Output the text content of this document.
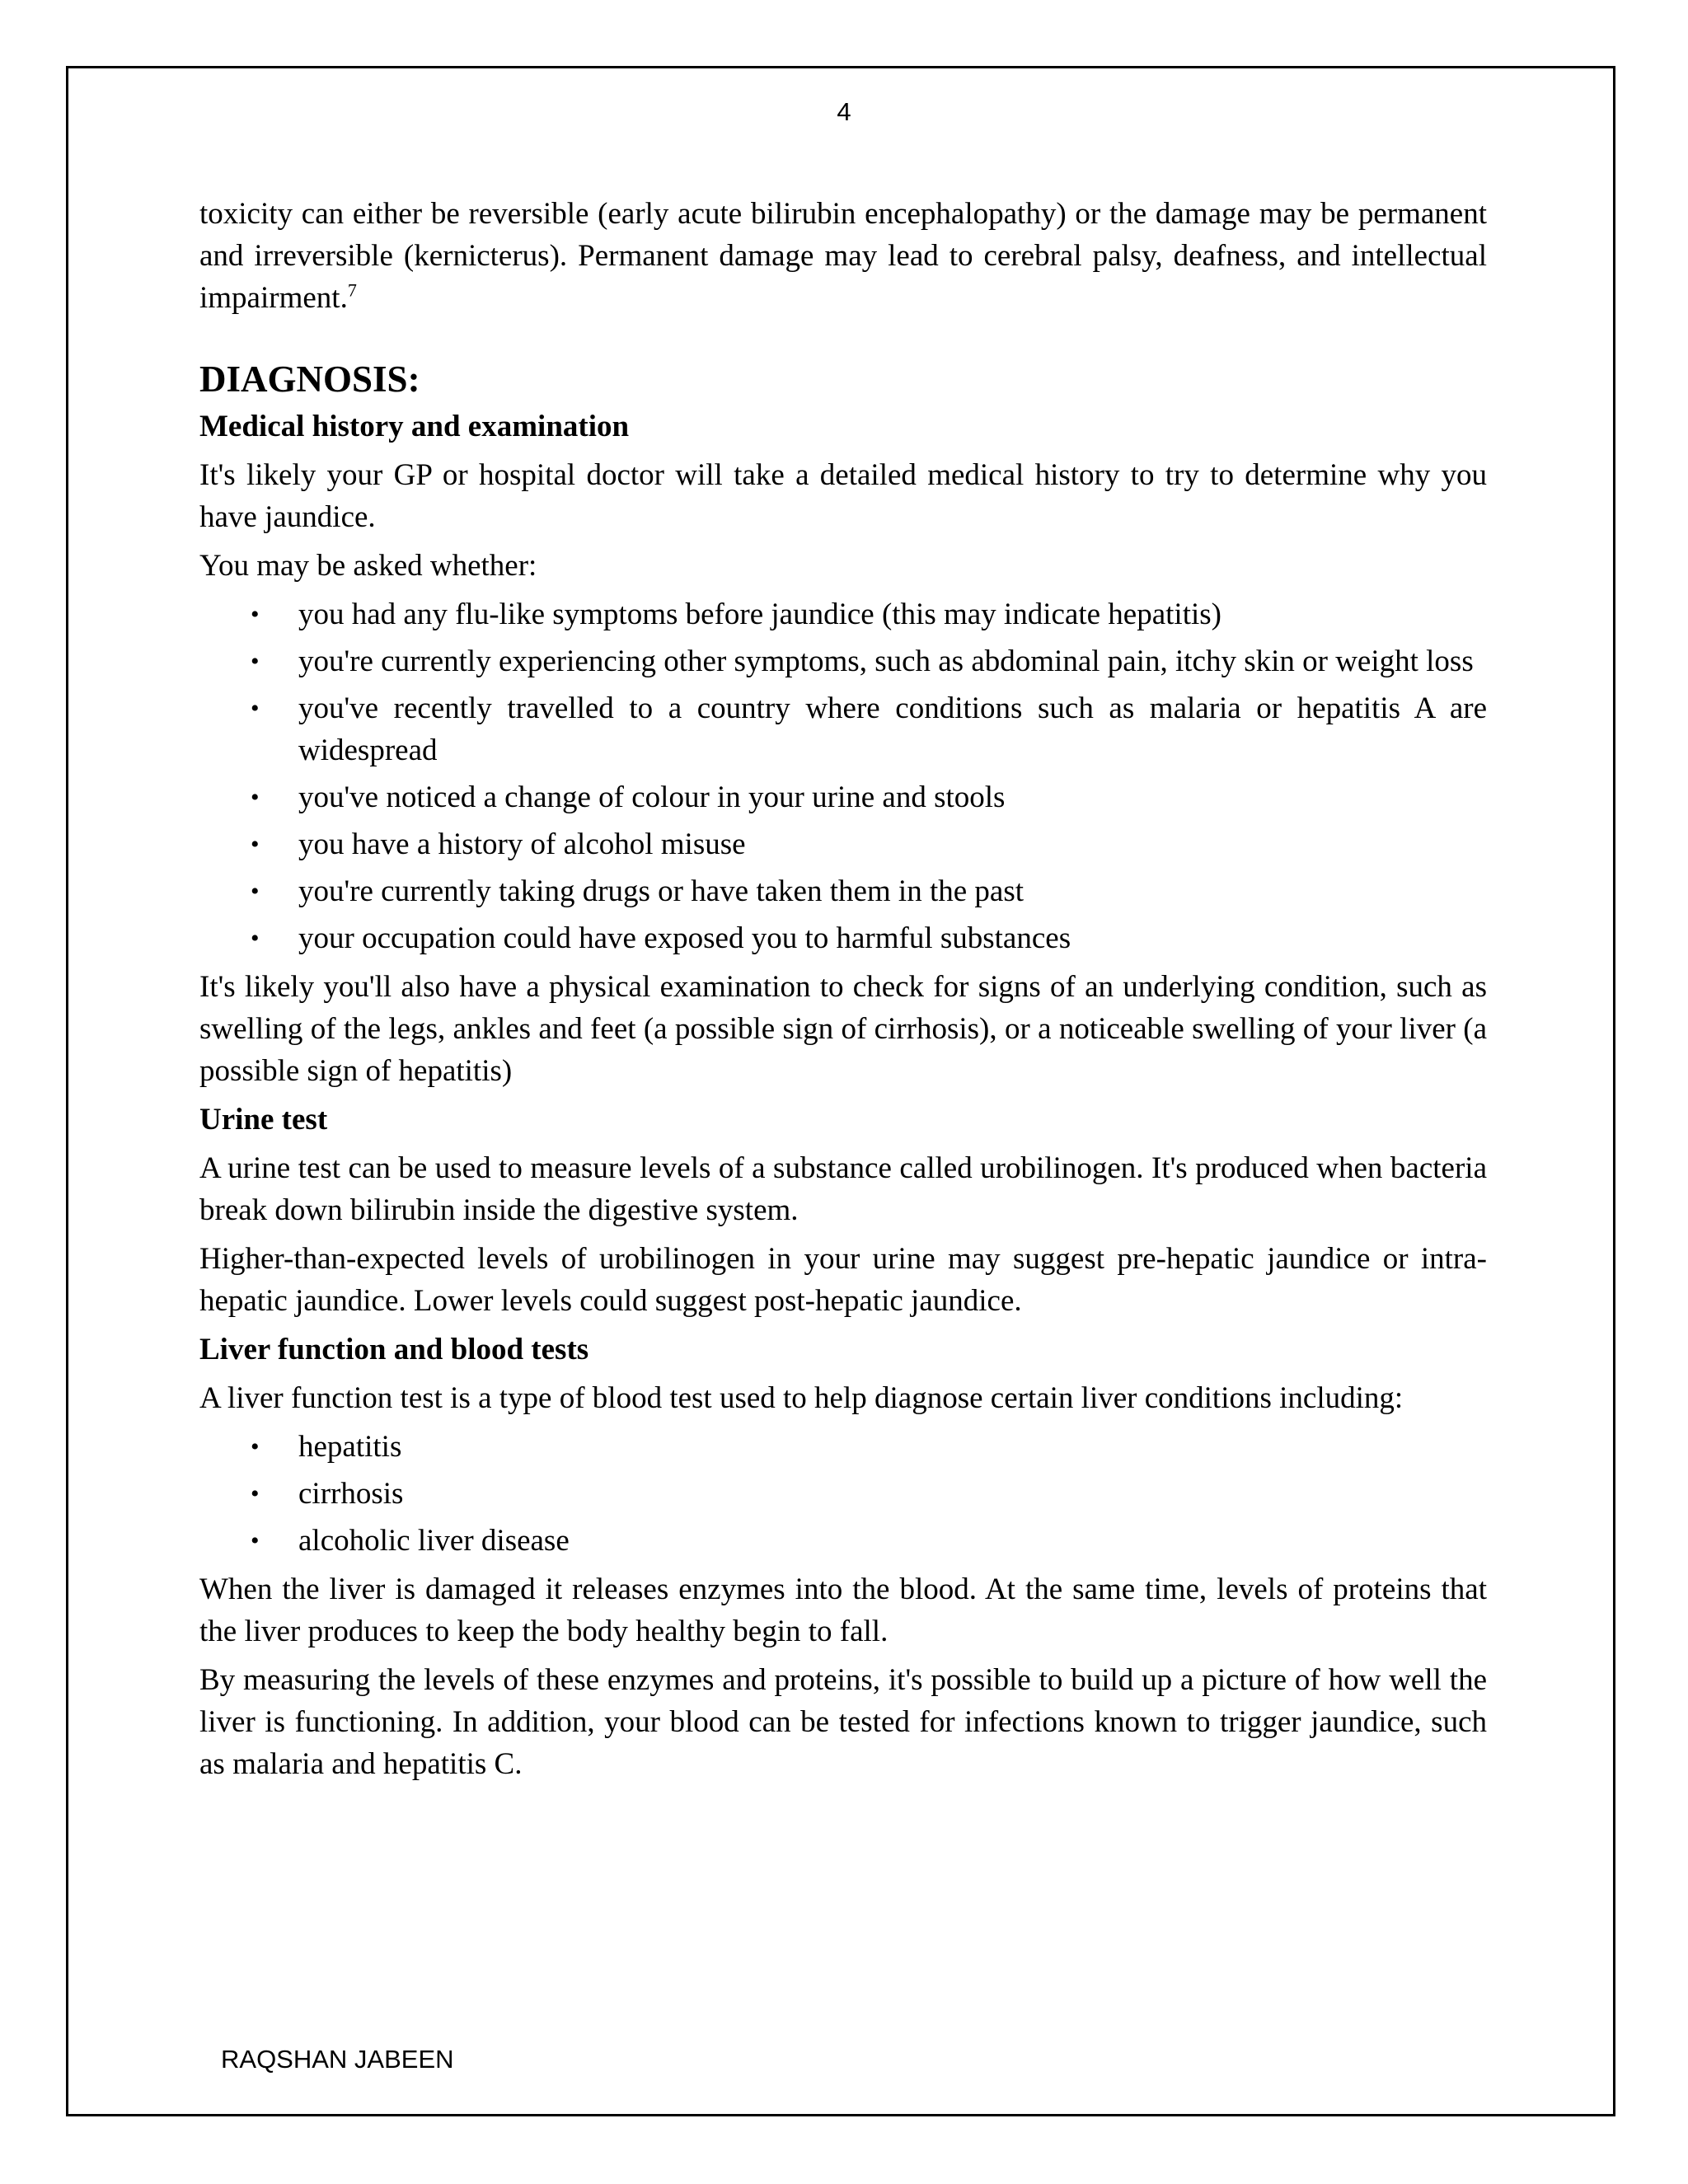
4

toxicity can either be reversible (early acute bilirubin encephalopathy) or the damage may be permanent and irreversible (kernicterus). Permanent damage may lead to cerebral palsy, deafness, and intellectual impairment.$^7$

DIAGNOSIS:
Medical history and examination

It's likely your GP or hospital doctor will take a detailed medical history to try to determine why you have jaundice.

You may be asked whether:

• you had any flu-like symptoms before jaundice (this may indicate hepatitis)
• you're currently experiencing other symptoms, such as abdominal pain, itchy skin or weight loss
• you've recently travelled to a country where conditions such as malaria or hepatitis A are widespread
• you've noticed a change of colour in your urine and stools
• you have a history of alcohol misuse
• you're currently taking drugs or have taken them in the past
• your occupation could have exposed you to harmful substances

It's likely you'll also have a physical examination to check for signs of an underlying condition, such as swelling of the legs, ankles and feet (a possible sign of cirrhosis), or a noticeable swelling of your liver (a possible sign of hepatitis)

Urine test

A urine test can be used to measure levels of a substance called urobilinogen. It's produced when bacteria break down bilirubin inside the digestive system.

Higher-than-expected levels of urobilinogen in your urine may suggest pre-hepatic jaundice or intra-hepatic jaundice. Lower levels could suggest post-hepatic jaundice.

Liver function and blood tests

A liver function test is a type of blood test used to help diagnose certain liver conditions including:

• hepatitis
• cirrhosis
• alcoholic liver disease

When the liver is damaged it releases enzymes into the blood. At the same time, levels of proteins that the liver produces to keep the body healthy begin to fall.

By measuring the levels of these enzymes and proteins, it's possible to build up a picture of how well the liver is functioning. In addition, your blood can be tested for infections known to trigger jaundice, such as malaria and hepatitis C.

RAQSHAN JABEEN
